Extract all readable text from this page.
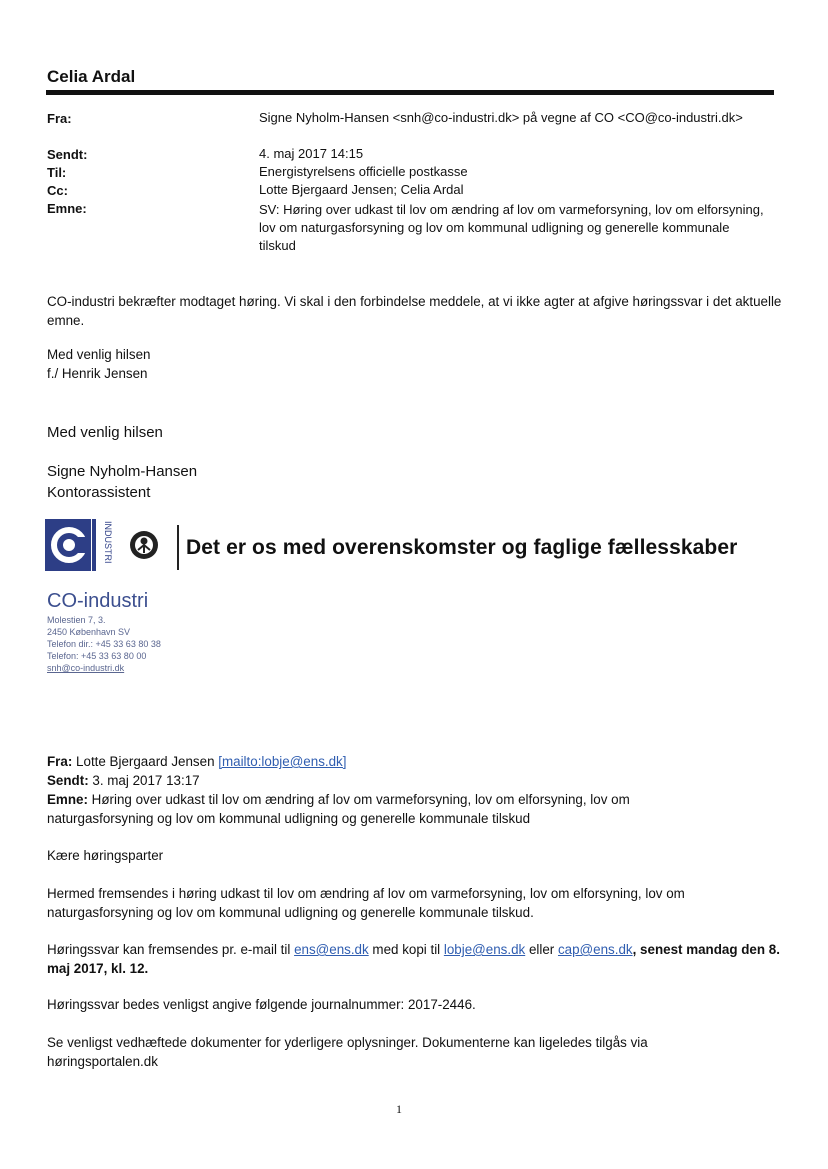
Celia Ardal
Fra:	Signe Nyholm-Hansen <snh@co-industri.dk> på vegne af CO <CO@co-industri.dk>
Sendt:	4. maj 2017 14:15
Til:	Energistyrelsens officielle postkasse
Cc:	Lotte Bjergaard Jensen; Celia Ardal
Emne:	SV: Høring over udkast til lov om ændring af lov om varmeforsyning, lov om elforsyning, lov om naturgasforsyning og lov om kommunal udligning og generelle kommunale tilskud
CO-industri bekræfter modtaget høring. Vi skal i den forbindelse meddele, at vi ikke agter at afgive høringssvar i det aktuelle emne.
Med venlig hilsen
f./ Henrik Jensen
Med venlig hilsen
Signe Nyholm-Hansen
Kontorassistent
INDUSTRI	Det er os med overenskomster og faglige fællesskaber
CO-industri
Molestien 7, 3.
2450 København SV
Telefon dir.: +45 33 63 80 38
Telefon: +45 33 63 80 00
snh@co-industri.dk
Fra: Lotte Bjergaard Jensen [mailto:lobje@ens.dk]
Sendt: 3. maj 2017 13:17
Emne: Høring over udkast til lov om ændring af lov om varmeforsyning, lov om elforsyning, lov om naturgasforsyning og lov om kommunal udligning og generelle kommunale tilskud
Kære høringsparter
Hermed fremsendes i høring udkast til lov om ændring af lov om varmeforsyning, lov om elforsyning, lov om naturgasforsyning og lov om kommunal udligning og generelle kommunale tilskud.
Høringssvar kan fremsendes pr. e-mail til ens@ens.dk med kopi til lobje@ens.dk eller cap@ens.dk, senest mandag den 8. maj 2017, kl. 12.
Høringssvar bedes venligst angive følgende journalnummer: 2017-2446.
Se venligst vedhæftede dokumenter for yderligere oplysninger. Dokumenterne kan ligeledes tilgås via høringsportalen.dk
1
